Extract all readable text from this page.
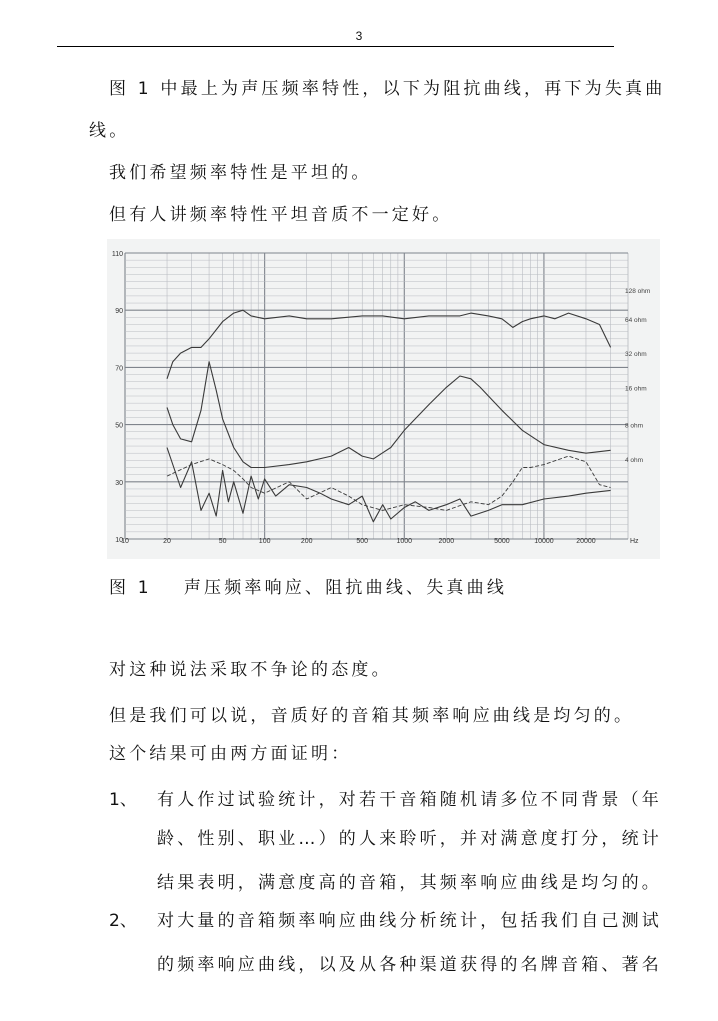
3
图 1 中最上为声压频率特性，以下为阻抗曲线，再下为失真曲
线。
我们希望频率特性是平坦的。
但有人讲频率特性平坦音质不一定好。
10
30
50
70
90
110
10	20	50	100	200	500	1000	2000	5000	10000	20000	Hz
128 ohm
64 ohm
32 ohm
16 ohm
8 ohm
4 ohm
图 1 声压频率响应、阻抗曲线、失真曲线
对这种说法采取不争论的态度。
但是我们可以说，音质好的音箱其频率响应曲线是均匀的。
这个结果可由两方面证明：
1、 有人作过试验统计，对若干音箱随机请多位不同背景（年
龄、性别、职业…）的人来聆听，并对满意度打分，统计
结果表明，满意度高的音箱，其频率响应曲线是均匀的。
2、 对大量的音箱频率响应曲线分析统计，包括我们自己测试
的频率响应曲线，以及从各种渠道获得的名牌音箱、著名
